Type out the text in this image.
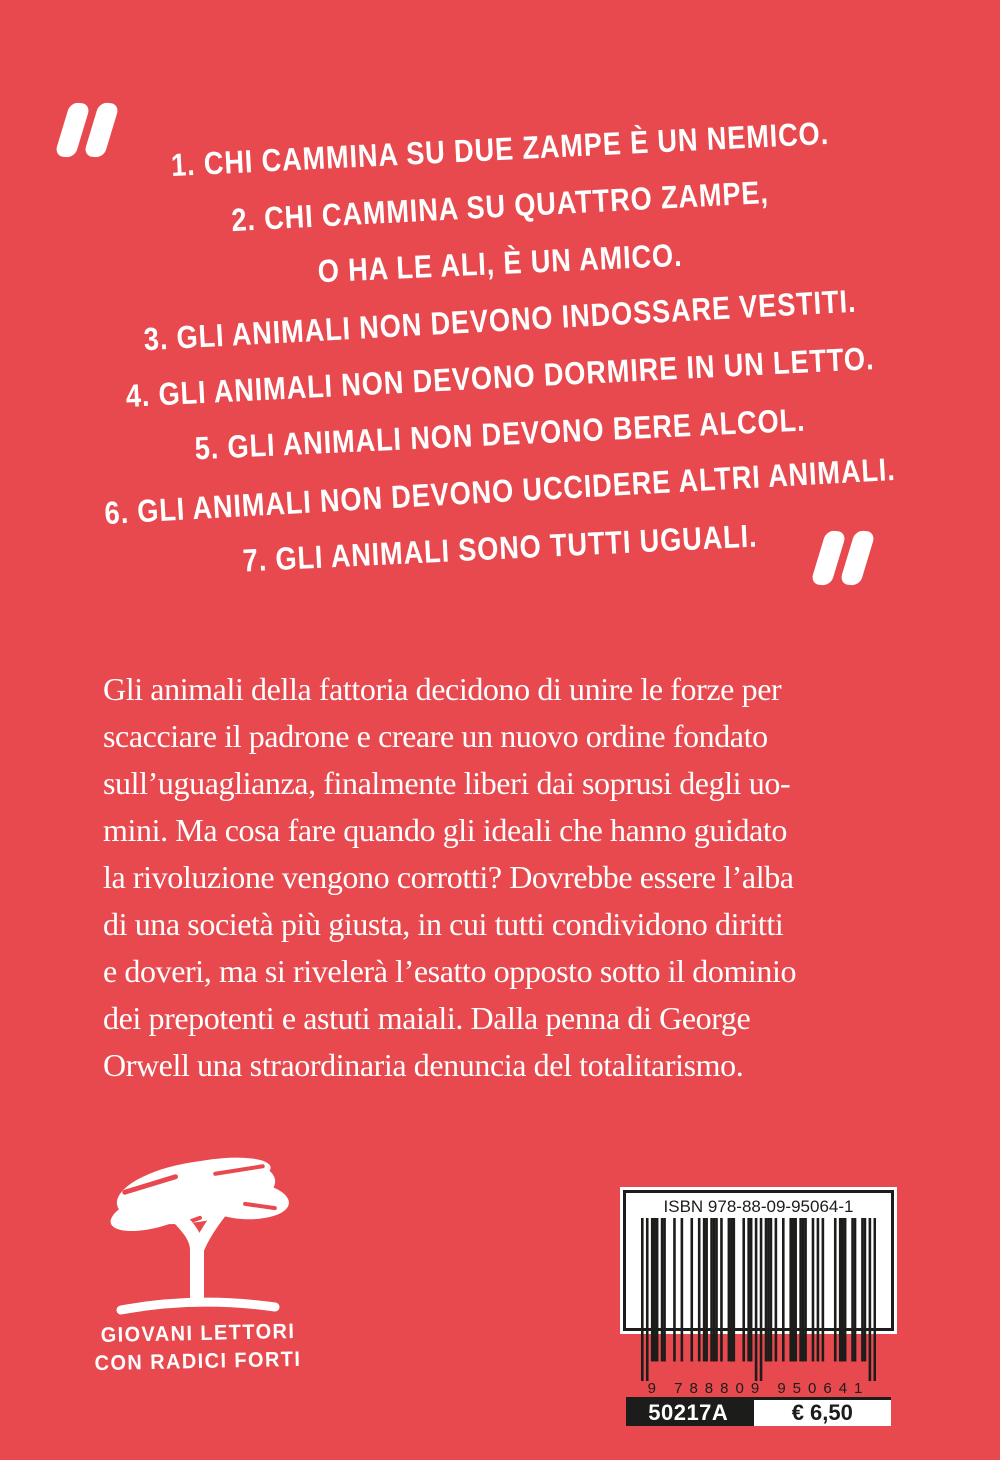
1. CHI CAMMINA SU DUE ZAMPE È UN NEMICO.
2. CHI CAMMINA SU QUATTRO ZAMPE,
O HA LE ALI, È UN AMICO.
3. GLI ANIMALI NON DEVONO INDOSSARE VESTITI.
4. GLI ANIMALI NON DEVONO DORMIRE IN UN LETTO.
5. GLI ANIMALI NON DEVONO BERE ALCOL.
6. GLI ANIMALI NON DEVONO UCCIDERE ALTRI ANIMALI.
7. GLI ANIMALI SONO TUTTI UGUALI.
Gli animali della fattoria decidono di unire le forze per
scacciare il padrone e creare un nuovo ordine fondato
sull’uguaglianza, finalmente liberi dai soprusi degli uo-
mini. Ma cosa fare quando gli ideali che hanno guidato
la rivoluzione vengono corrotti? Dovrebbe essere l’alba
di una società più giusta, in cui tutti condividono diritti
e doveri, ma si rivelerà l’esatto opposto sotto il dominio
dei prepotenti e astuti maiali. Dalla penna di George
Orwell una straordinaria denuncia del totalitarismo.
GIOVANI LETTORI
CON RADICI FORTI
ISBN 978-88-09-95064-1
9 788809 950641
50217A	€ 6,50
